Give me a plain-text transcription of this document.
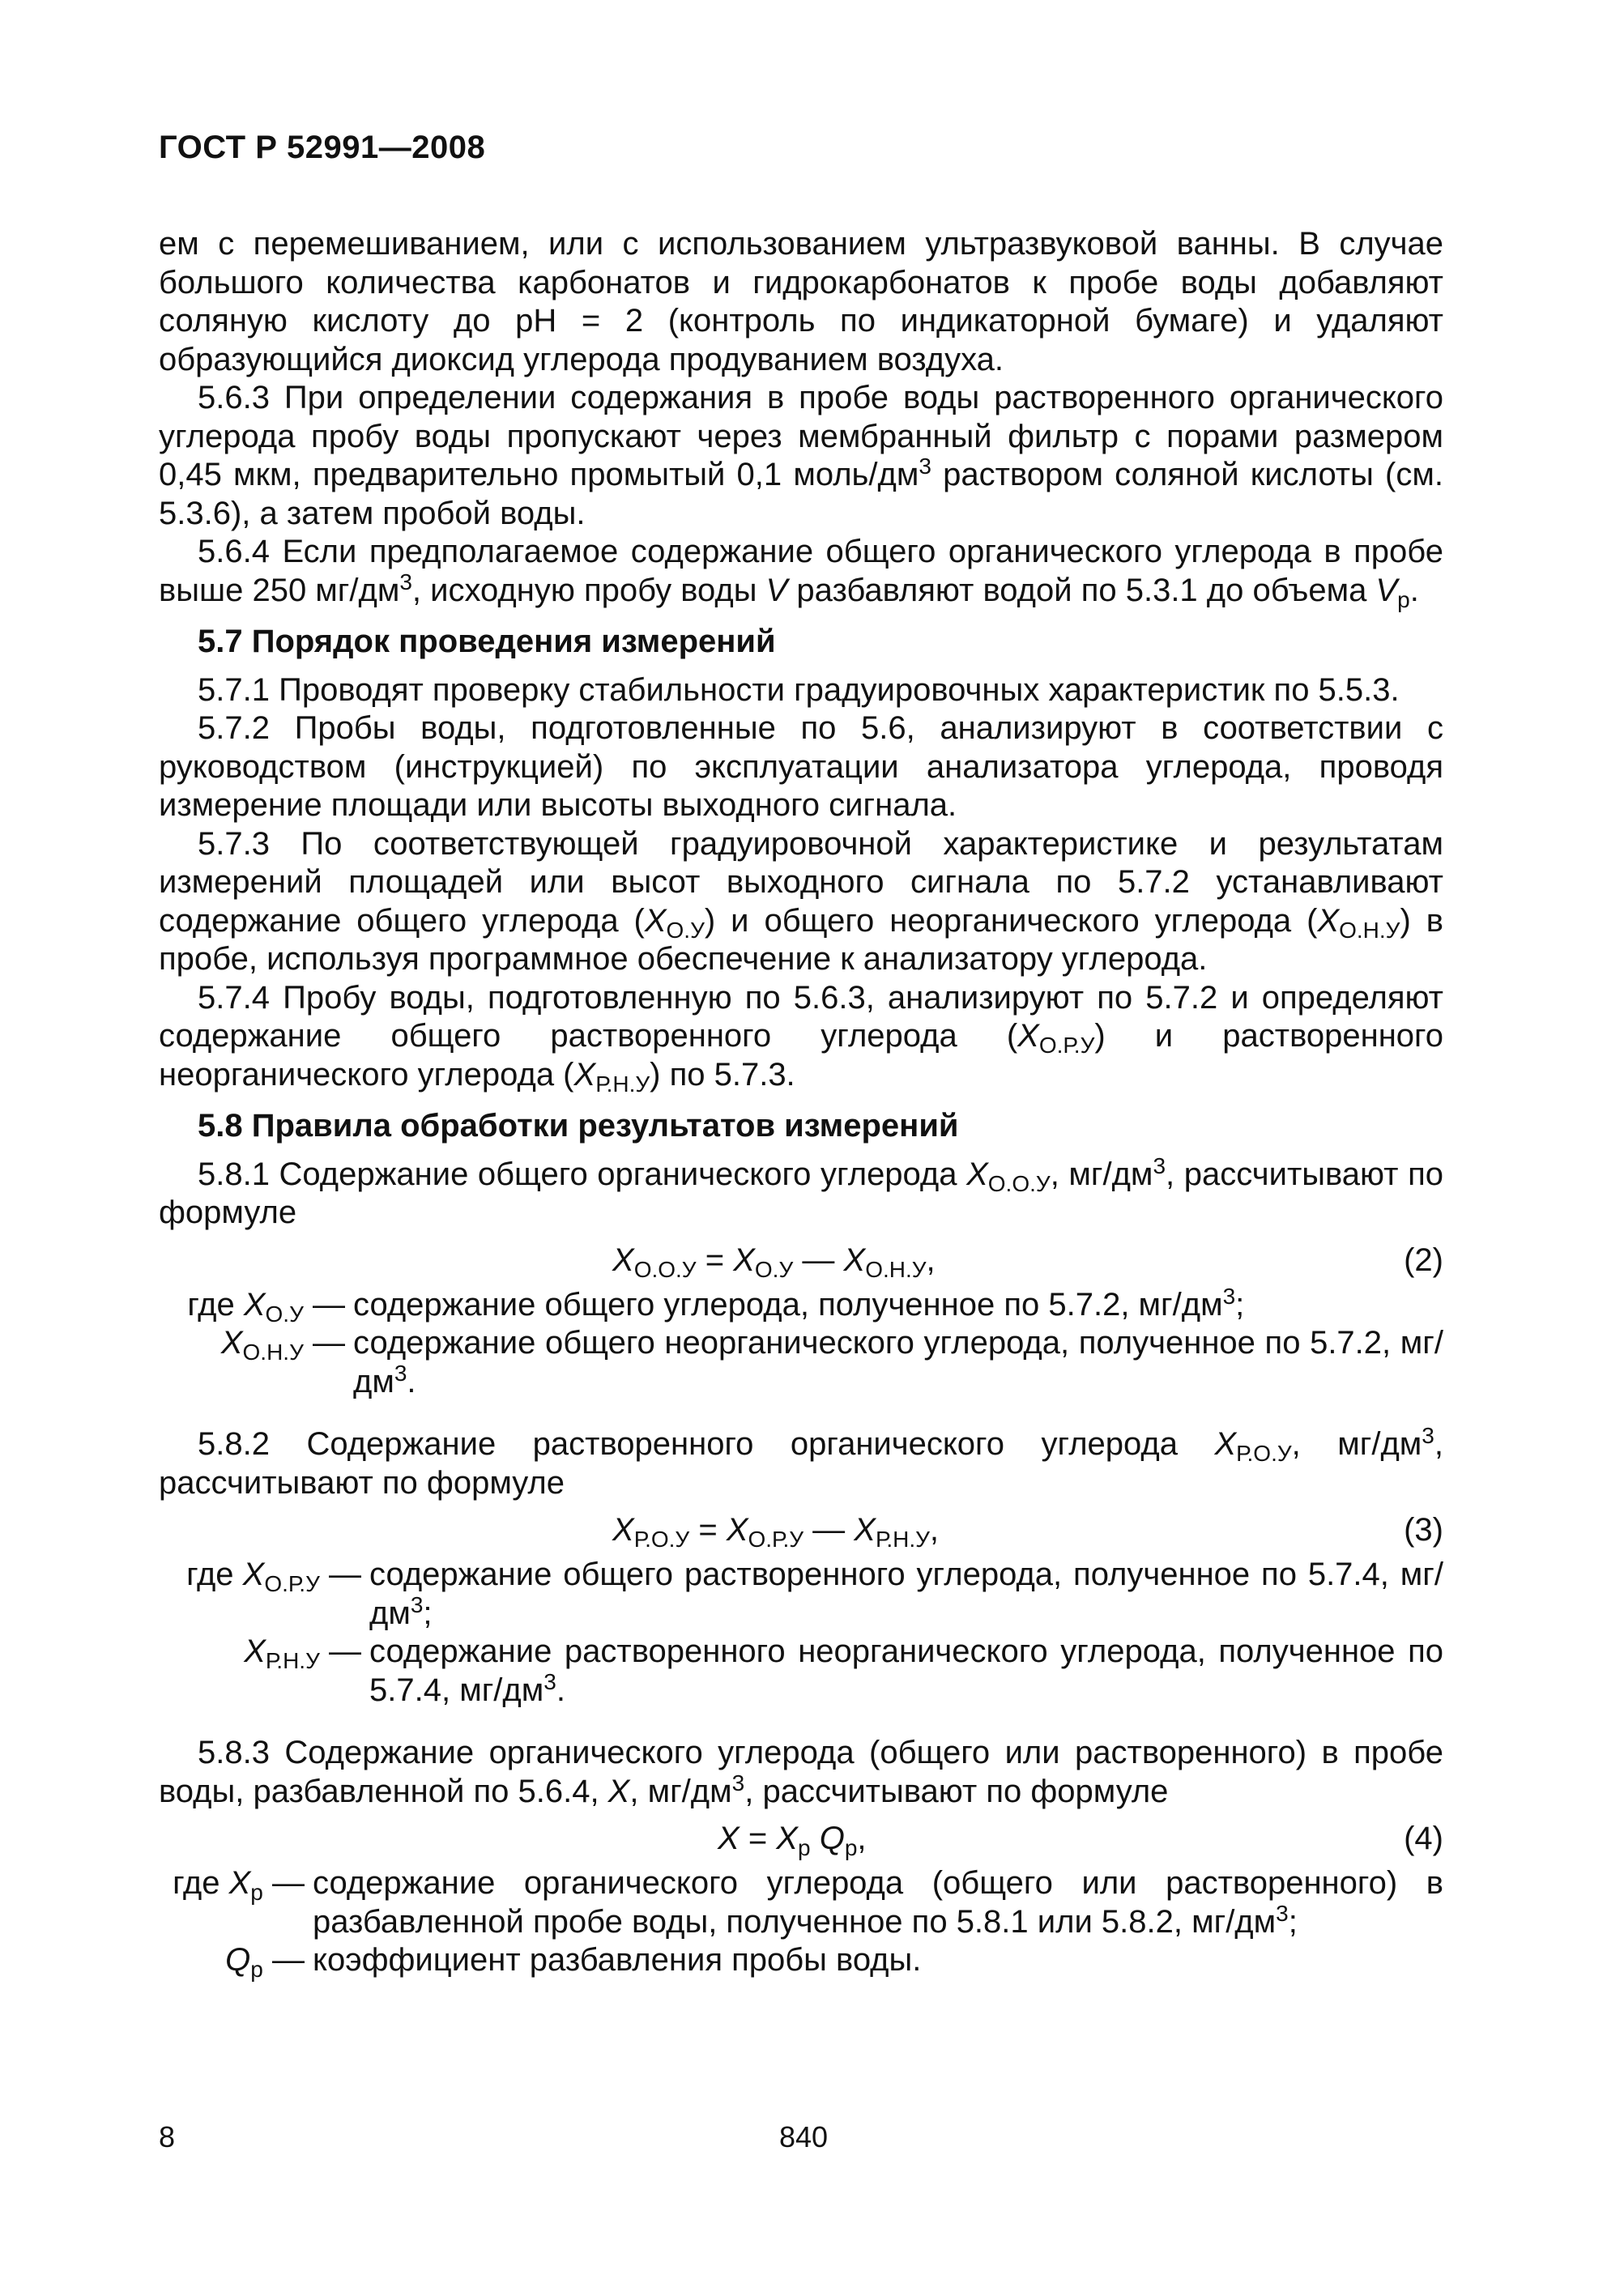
ГОСТ Р 52991—2008

ем с перемешиванием, или с использованием ультразвуковой ванны. В случае большого количества карбонатов и гидрокарбонатов к пробе воды добавляют соляную кислоту до рН = 2 (контроль по индикаторной бумаге) и удаляют образующийся диоксид углерода продуванием воздуха.

5.6.3 При определении содержания в пробе воды растворенного органического углерода пробу воды пропускают через мембранный фильтр с порами размером 0,45 мкм, предварительно промытый 0,1 моль/$дм^3$ раствором соляной кислоты (см. 5.3.6), а затем пробой воды.

5.6.4 Если предполагаемое содержание общего органического углерода в пробе выше 250 $мг/дм^3$, исходную пробу воды V разбавляют водой по 5.3.1 до объема $V_р$.

5.7 Порядок проведения измерений

5.7.1 Проводят проверку стабильности градуировочных характеристик по 5.5.3.

5.7.2 Пробы воды, подготовленные по 5.6, анализируют в соответствии с руководством (инструкцией) по эксплуатации анализатора углерода, проводя измерение площади или высоты выходного сигнала.

5.7.3 По соответствующей градуировочной характеристике и результатам измерений площадей или высот выходного сигнала по 5.7.2 устанавливают содержание общего углерода $(X_{О.У})$ и общего неорганического углерода $(X_{О.Н.У})$ в пробе, используя программное обеспечение к анализатору углерода.

5.7.4 Пробу воды, подготовленную по 5.6.3, анализируют по 5.7.2 и определяют содержание общего растворенного углерода $(X_{О.Р.У})$ и растворенного неорганического углерода $(X_{Р.Н.У})$ по 5.7.3.

5.8 Правила обработки результатов измерений

5.8.1 Содержание общего органического углерода $X_{О.О.У}$, $мг/дм^3$, рассчитывают по формуле

$X_{О.О.У} = X_{О.У}$ — $X_{О.Н.У}$,	(2)
где $X_{О.У}$ — содержание общего углерода, полученное по 5.7.2, $мг/дм^3$;
$X_{О.Н.У}$ — содержание общего неорганического углерода, полученное по 5.7.2, $мг/дм^3$.

5.8.2 Содержание растворенного органического углерода $X_{Р.О.У}$, $мг/дм^3$, рассчитывают по формуле

$X_{Р.О.У} = X_{О.Р.У}$ — $X_{Р.Н.У}$,	(3)
где $X_{О.Р.У}$ — содержание общего растворенного углерода, полученное по 5.7.4, $мг/дм^3$;
$X_{Р.Н.У}$ — содержание растворенного неорганического углерода, полученное по 5.7.4, $мг/дм^3$.

5.8.3 Содержание органического углерода (общего или растворенного) в пробе воды, разбавленной по 5.6.4, X, $мг/дм^3$, рассчитывают по формуле

$X = X_р$ $Q_р$,	(4)
где $X_р$ — содержание органического углерода (общего или растворенного) в разбавленной пробе воды, полученное по 5.8.1 или 5.8.2, $мг/дм^3$;
$Q_р$ — коэффициент разбавления пробы воды.
8	840
